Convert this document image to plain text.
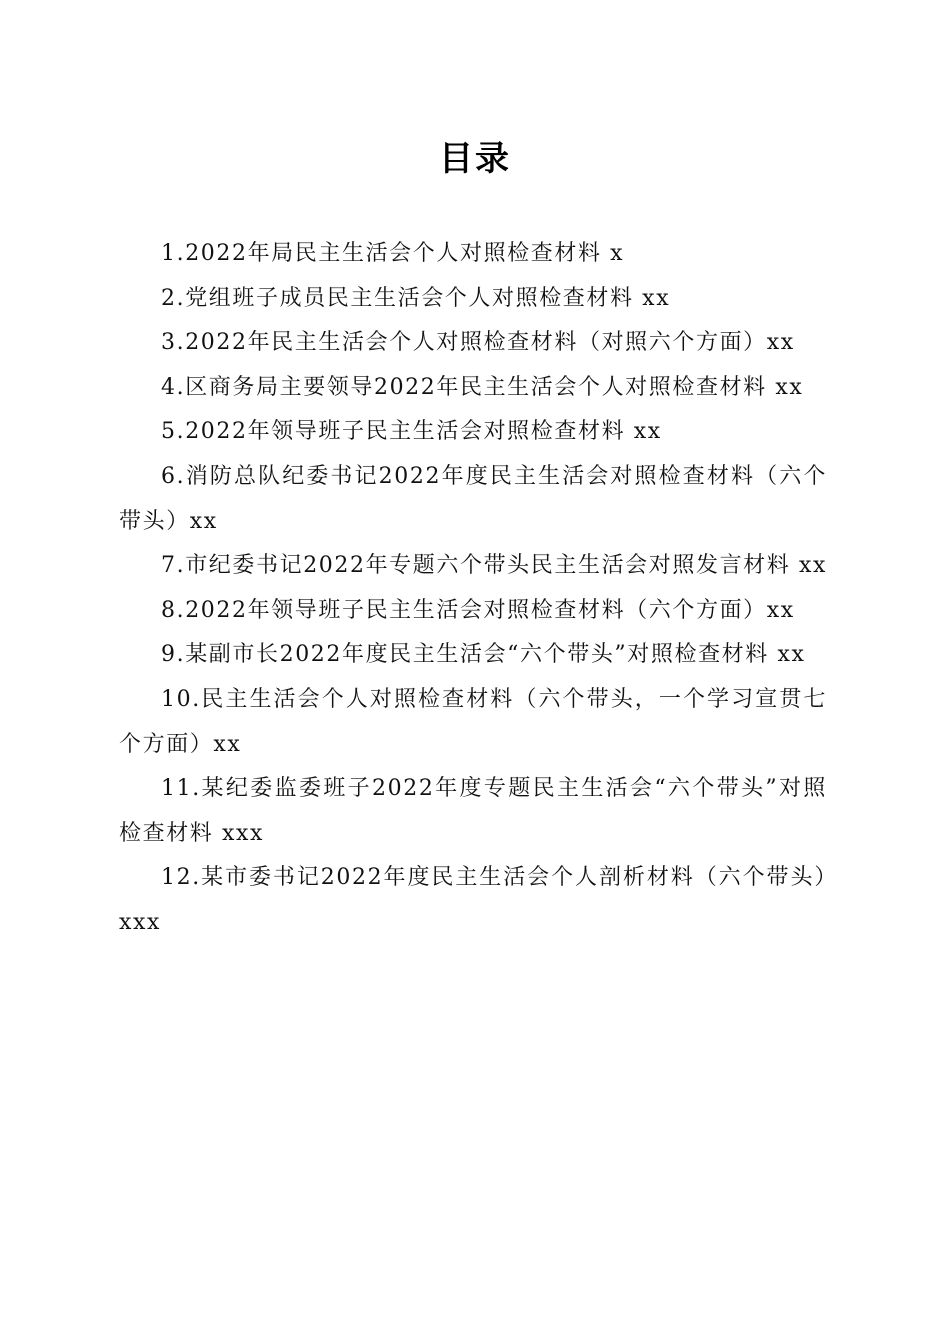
目录
1.2022年局民主生活会个人对照检查材料 x
2.党组班子成员民主生活会个人对照检查材料 xx
3.2022年民主生活会个人对照检查材料（对照六个方面）xx
4.区商务局主要领导2022年民主生活会个人对照检查材料 xx
5.2022年领导班子民主生活会对照检查材料 xx
6.消防总队纪委书记2022年度民主生活会对照检查材料（六个带头）xx
7.市纪委书记2022年专题六个带头民主生活会对照发言材料 xx
8.2022年领导班子民主生活会对照检查材料（六个方面）xx
9.某副市长2022年度民主生活会“六个带头”对照检查材料 xx
10.民主生活会个人对照检查材料（六个带头，一个学习宣贯七个方面）xx
11.某纪委监委班子2022年度专题民主生活会“六个带头”对照检查材料 xxx
12.某市委书记2022年度民主生活会个人剖析材料（六个带头）xxx
